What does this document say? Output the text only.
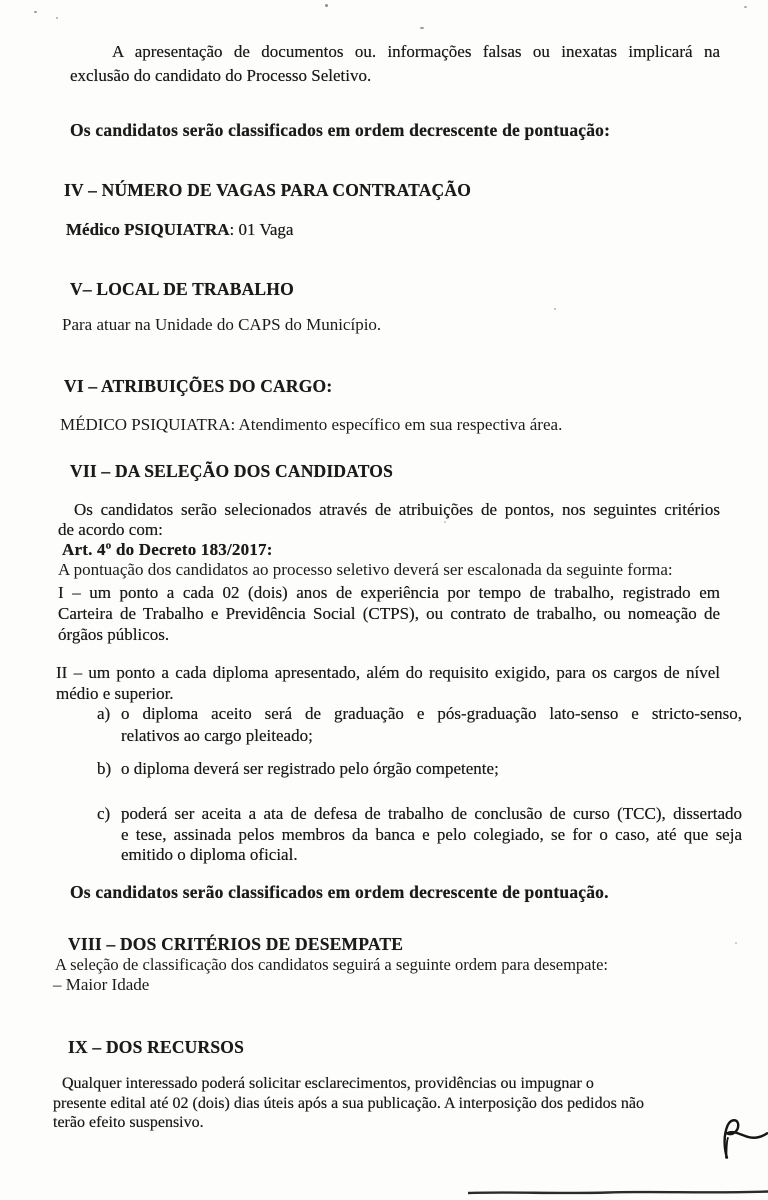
A apresentação de documentos ou. informações falsas ou inexatas implicará na
exclusão do candidato do Processo Seletivo.
Os candidatos serão classificados em ordem decrescente de pontuação:
IV – NÚMERO DE VAGAS PARA CONTRATAÇÃO
Médico PSIQUIATRA: 01 Vaga
V– LOCAL DE TRABALHO
Para atuar na Unidade do CAPS do Município.
VI – ATRIBUIÇÕES DO CARGO:
MÉDICO PSIQUIATRA: Atendimento específico em sua respectiva área.
VII – DA SELEÇÃO DOS CANDIDATOS
Os candidatos serão selecionados através de atribuições de pontos, nos seguintes critérios
de acordo com:
Art. 4º do Decreto 183/2017:
A pontuação dos candidatos ao processo seletivo deverá ser escalonada da seguinte forma:
I – um ponto a cada 02 (dois) anos de experiência por tempo de trabalho, registrado em
Carteira de Trabalho e Previdência Social (CTPS), ou contrato de trabalho, ou nomeação de
órgãos públicos.
II – um ponto a cada diploma apresentado, além do requisito exigido, para os cargos de nível
médio e superior.
a) o diploma aceito será de graduação e pós-graduação lato-senso e stricto-senso,
relativos ao cargo pleiteado;
b) o diploma deverá ser registrado pelo órgão competente;
c) poderá ser aceita a ata de defesa de trabalho de conclusão de curso (TCC), dissertado
e tese, assinada pelos membros da banca e pelo colegiado, se for o caso, até que seja
emitido o diploma oficial.
Os candidatos serão classificados em ordem decrescente de pontuação.
VIII – DOS CRITÉRIOS DE DESEMPATE
A seleção de classificação dos candidatos seguirá a seguinte ordem para desempate:
– Maior Idade
IX – DOS RECURSOS
Qualquer interessado poderá solicitar esclarecimentos, providências ou impugnar o
presente edital até 02 (dois) dias úteis após a sua publicação. A interposição dos pedidos não
terão efeito suspensivo.
